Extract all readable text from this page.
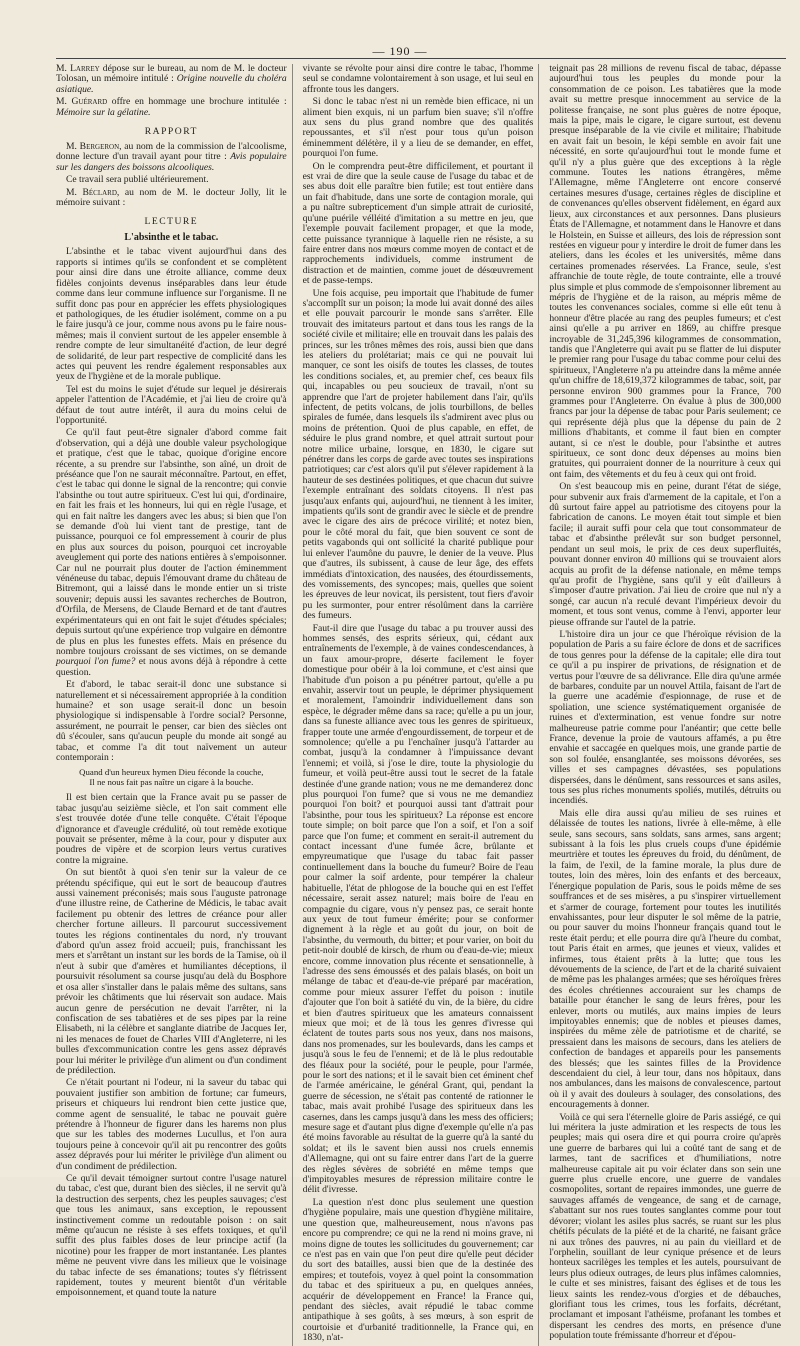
— 190 —

M. Larrey dépose sur le bureau, au nom de M. le docteur Tolosan, un mémoire intitulé : Origine nouvelle du choléra asiatique.

M. Guérard offre en hommage une brochure intitulée : Mémoire sur la gélatine.

RAPPORT

M. Bergeron, au nom de la commission de l'alcoolisme, donne lecture d'un travail ayant pour titre : Avis populaire sur les dangers des boissons alcooliques.

Ce travail sera publié ultérieurement.

M. Béclard, au nom de M. le docteur Jolly, lit le mémoire suivant :

LECTURE
L'absinthe et le tabac.

L'absinthe et le tabac vivent aujourd'hui dans des rapports si intimes qu'ils se confondent et se complètent pour ainsi dire dans une étroite alliance, comme deux fidèles conjoints devenus inséparables dans leur étude comme dans leur commune influence sur l'organisme. Il ne suffit donc pas pour en apprécier les effets physiologiques et pathologiques, de les étudier isolément, comme on a pu le faire jusqu'à ce jour, comme nous avons pu le faire nous-mêmes; mais il convient surtout de les appeler ensemble à rendre compte de leur simultanéité d'action, de leur degré de solidarité, de leur part respective de complicité dans les actes qui peuvent les rendre également responsables aux yeux de l'hygiène et de la morale publique.

Tel est du moins le sujet d'étude sur lequel je désirerais appeler l'attention de l'Académie, et j'ai lieu de croire qu'à défaut de tout autre intérêt, il aura du moins celui de l'opportunité.

Ce qu'il faut peut-être signaler d'abord comme fait d'observation, qui a déjà une double valeur psychologique et pratique, c'est que le tabac, quoique d'origine encore récente, a su prendre sur l'absinthe, son aîné, un droit de préséance que l'on ne saurait méconnaître. Partout, en effet, c'est le tabac qui donne le signal de la rencontre; qui convie l'absinthe ou tout autre spiritueux. C'est lui qui, d'ordinaire, en fait les frais et les honneurs, lui qui en règle l'usage, et qui en fait naître les dangers avec les abus; si bien que l'on se demande d'où lui vient tant de prestige, tant de puissance, pourquoi ce fol empressement à courir de plus en plus aux sources du poison, pourquoi cet incroyable aveuglement qui porte des nations entières à s'empoisonner. Car nul ne pourrait plus douter de l'action éminemment vénéneuse du tabac, depuis l'émouvant drame du château de Bitremont, qui a laissé dans le monde entier un si triste souvenir; depuis aussi les savantes recherches de Boutron, d'Orfila, de Mersens, de Claude Bernard et de tant d'autres expérimentateurs qui en ont fait le sujet d'études spéciales; depuis surtout qu'une expérience trop vulgaire en démontre de plus en plus les funestes effets. Mais en présence du nombre toujours croissant de ses victimes, on se demande pourquoi l'on fume? et nous avons déjà à répondre à cette question.

Et d'abord, le tabac serait-il donc une substance si naturellement et si nécessairement appropriée à la condition humaine? et son usage serait-il donc un besoin physiologique si indispensable à l'ordre social? Personne, assurément, ne pourrait le penser, car bien des siècles ont dû s'écouler, sans qu'aucun peuple du monde ait songé au tabac, et comme l'a dit tout naïvement un auteur contemporain :

Quand d'un heureux hymen Dieu féconde la couche,
Il ne nous fait pas naître un cigare à la bouche.

Il est bien certain que la France avait pu se passer de tabac jusqu'au seizième siècle, et l'on sait comment elle s'est trouvée dotée d'une telle conquête. C'était l'époque d'ignorance et d'aveugle crédulité, où tout remède exotique pouvait se présenter, même à la cour, pour y disputer aux poudres de vipère et de scorpion leurs vertus curatives contre la migraine.

On sut bientôt à quoi s'en tenir sur la valeur de ce prétendu spécifique, qui eut le sort de beaucoup d'autres aussi vainement préconisés; mais sous l'auguste patronage d'une illustre reine, de Catherine de Médicis, le tabac avait facilement pu obtenir des lettres de créance pour aller chercher fortune ailleurs. Il parcourut successivement toutes les régions continentales du nord, n'y trouvant d'abord qu'un assez froid accueil; puis, franchissant les mers et s'arrêtant un instant sur les bords de la Tamise, où il n'eut à subir que d'amères et humiliantes déceptions, il poursuivit résolument sa course jusqu'au delà du Bosphore et osa aller s'installer dans le palais même des sultans, sans prévoir les châtiments que lui réservait son audace. Mais aucun genre de persécution ne devait l'arrêter, ni la confiscation de ses tabatières et de ses pipes par la reine Elisabeth, ni la célèbre et sanglante diatribe de Jacques Ier, ni les menaces de fouet de Charles VIII d'Angleterre, ni les bulles d'excommunication contre les gens assez dépravés pour lui mériter le privilège d'un aliment ou d'un condiment de prédilection.

Ce n'était pourtant ni l'odeur, ni la saveur du tabac qui pouvaient justifier son ambition de fortune; car fumeurs, priseurs et chiqueurs lui rendront bien cette justice que, comme agent de sensualité, le tabac ne pouvait guère prétendre à l'honneur de figurer dans les harems non plus que sur les tables des modernes Lucullus, et l'on aura toujours peine à concevoir qu'il ait pu rencontrer des goûts assez dépravés pour lui mériter le privilège d'un aliment ou d'un condiment de prédilection.

Ce qu'il devait témoigner surtout contre l'usage naturel du tabac, c'est que, durant bien des siècles, il ne servit qu'à la destruction des serpents, chez les peuples sauvages; c'est que tous les animaux, sans exception, le repoussent instinctivement comme un redoutable poison : on sait même qu'aucun ne résiste à ses effets toxiques, et qu'il suffit des plus faibles doses de leur principe actif (la nicotine) pour les frapper de mort instantanée. Les plantes même ne peuvent vivre dans les milieux que le voisinage du tabac infecte de ses émanations; toutes s'y flétrissent rapidement, toutes y meurent bientôt d'un véritable empoisonnement, et quand toute la nature

vivante se révolte pour ainsi dire contre le tabac, l'homme seul se condamne volontairement à son usage, et lui seul en affronte tous les dangers.

Si donc le tabac n'est ni un remède bien efficace, ni un aliment bien exquis, ni un parfum bien suave; s'il n'offre aux sens du plus grand nombre que des qualités repoussantes, et s'il n'est pour tous qu'un poison éminemment délétère, il y a lieu de se demander, en effet, pourquoi l'on fume.

On le comprendra peut-être difficilement, et pourtant il est vrai de dire que la seule cause de l'usage du tabac et de ses abus doit elle paraître bien futile; est tout entière dans un fait d'habitude, dans une sorte de contagion morale, qui a pu naître subrepticement d'un simple attrait de curiosité, qu'une puérile vélléité d'imitation a su mettre en jeu, que l'exemple pouvait facilement propager, et que la mode, cette puissance tyrannique à laquelle rien ne résiste, a su faire entrer dans nos mœurs comme moyen de contact et de rapprochements individuels, comme instrument de distraction et de maintien, comme jouet de désœuvrement et de passe-temps.

Une fois acquise, peu importait que l'habitude de fumer s'accomplît sur un poison; la mode lui avait donné des ailes et elle pouvait parcourir le monde sans s'arrêter. Elle trouvait des imitateurs partout et dans tous les rangs de la société civile et militaire; elle en trouvait dans les palais des princes, sur les trônes mêmes des rois, aussi bien que dans les ateliers du prolétariat; mais ce qui ne pouvait lui manquer, ce sont les oisifs de toutes les classes, de toutes les conditions sociales, et, au premier chef, ces beaux fils qui, incapables ou peu soucieux de travail, n'ont su apprendre que l'art de projeter habilement dans l'air, qu'ils infectent, de petits volcans, de jolis tourbillons, de belles spirales de fumée, dans lesquels ils s'admirent avec plus ou moins de prétention. Quoi de plus capable, en effet, de séduire le plus grand nombre, et quel attrait surtout pour notre milice urbaine, lorsque, en 1830, le cigare sut pénétrer dans les corps de garde avec toutes ses inspirations patriotiques; car c'est alors qu'il put s'élever rapidement à la hauteur de ses destinées politiques, et que chacun dut suivre l'exemple entraînant des soldats citoyens. Il n'est pas jusqu'aux enfants qui, aujourd'hui, ne tiennent à les imiter, impatients qu'ils sont de grandir avec le siècle et de prendre avec le cigare des airs de précoce virilité; et notez bien, pour le côté moral du fait, que bien souvent ce sont de petits vagabonds qui ont sollicité la charité publique pour lui enlever l'aumône du pauvre, le denier de la veuve. Plus que d'autres, ils subissent, à cause de leur âge, des effets immédiats d'intoxication, des nausées, des étourdissements, des vomissements, des syncopes; mais, quelles que soient les épreuves de leur novicat, ils persistent, tout fiers d'avoir pu les surmonter, pour entrer résolûment dans la carrière des fumeurs.

Faut-il dire que l'usage du tabac a pu trouver aussi des hommes sensés, des esprits sérieux, qui, cédant aux entraînements de l'exemple, à de vaines condescendances, à un faux amour-propre, déserte facilement le foyer domestique pour obéir à la loi commune, et c'est ainsi que l'habitude d'un poison a pu pénétrer partout, qu'elle a pu envahir, asservir tout un peuple, le déprimer physiquement et moralement, l'amoindrir individuellement dans son espèce, le dégrader même dans sa race; qu'elle a pu un jour, dans sa funeste alliance avec tous les genres de spiritueux, frapper toute une armée d'engourdissement, de torpeur et de somnolence; qu'elle a pu l'enchaîner jusqu'à l'attarder au combat, jusqu'à la condamner à l'impuissance devant l'ennemi; et voilà, si j'ose le dire, toute la physiologie du fumeur, et voilà peut-être aussi tout le secret de la fatale destinée d'une grande nation; vous ne me demanderez donc plus pourquoi l'on fume? que si vous ne me demandiez pourquoi l'on boit? et pourquoi aussi tant d'attrait pour l'absinthe, pour tous les spiritueux? La réponse est encore toute simple; on boit parce que l'on a soif, et l'on a soif parce que l'on fume; et comment en serait-il autrement du contact incessant d'une fumée âcre, brûlante et empyreumatique que l'usage du tabac fait passer continuellement dans la bouche du fumeur? Boire de l'eau pour calmer la soif ardente, pour tempérer la chaleur habituelle, l'état de phlogose de la bouche qui en est l'effet nécessaire, serait assez naturel; mais boire de l'eau en compagnie du cigare, vous n'y pensez pas, ce serait honte aux yeux de tout fumeur émérite; pour se conformer dignement à la règle et au goût du jour, on boit de l'absinthe, du vermouth, du bitter; et pour varier, on boit du petit-noir doublé de kirsch, de rhum ou d'eau-de-vie; mieux encore, comme innovation plus récente et sensationnelle, à l'adresse des sens émoussés et des palais blasés, on boit un mélange de tabac et d'eau-de-vie préparé par macération, comme pour mieux assurer l'effet du poison : inutile d'ajouter que l'on boit à satiété du vin, de la bière, du cidre et bien d'autres spiritueux que les amateurs connaissent mieux que moi; et de là tous les genres d'ivresse qui éclatent de toutes parts sous nos yeux, dans nos maisons, dans nos promenades, sur les boulevards, dans les camps et jusqu'à sous le feu de l'ennemi; et de là le plus redoutable des fléaux pour la société, pour le peuple, pour l'armée, pour le sort des nations; et il le savait bien cet éminent chef de l'armée américaine, le général Grant, qui, pendant la guerre de sécession, ne s'était pas contenté de rationner le tabac, mais avait prohibé l'usage des spiritueux dans les casernes, dans les camps jusqu'à dans les mess des officiers; mesure sage et d'autant plus digne d'exemple qu'elle n'a pas été moins favorable au résultat de la guerre qu'à la santé du soldat; et ils le savent bien aussi nos cruels ennemis d'Allemagne, qui ont su faire entrer dans l'art de la guerre des règles sévères de sobriété en même temps que d'impitoyables mesures de répression militaire contre le délit d'ivresse.

La question n'est donc plus seulement une question d'hygiène populaire, mais une question d'hygiène militaire, une question que, malheureusement, nous n'avons pas encore pu comprendre; ce qui ne la rend ni moins grave, ni moins digne de toutes les sollicitudes du gouvernement; car ce n'est pas en vain que l'on peut dire qu'elle peut décider du sort des batailles, aussi bien que de la destinée des empires; et toutefois, voyez à quel point la consommation du tabac et des spiritueux a pu, en quelques années, acquérir de développement en France! la France qui, pendant des siècles, avait répudié le tabac comme antipathique à ses goûts, à ses mœurs, à son esprit de courtoisie et d'urbanité traditionnelle, la France qui, en 1830, n'at-

teignait pas 28 millions de revenu fiscal de tabac, dépasse aujourd'hui tous les peuples du monde pour la consommation de ce poison. Les tabatières que la mode avait su mettre presque innocemment au service de la politesse française, ne sont plus guères de notre époque, mais la pipe, mais le cigare, le cigare surtout, est devenu presque inséparable de la vie civile et militaire; l'habitude en avait fait un besoin, le képi semble en avoir fait une nécessité, en sorte qu'aujourd'hui tout le monde fume et qu'il n'y a plus guère que des exceptions à la règle commune. Toutes les nations étrangères, même l'Allemagne, même l'Angleterre ont encore conservé certaines mesures d'usage, certaines règles de discipline et de convenances qu'elles observent fidèlement, en égard aux lieux, aux circonstances et aux personnes. Dans plusieurs États de l'Allemagne, et notamment dans le Hanovre et dans le Holstein, en Suisse et ailleurs, des lois de répression sont restées en vigueur pour y interdire le droit de fumer dans les ateliers, dans les écoles et les universités, même dans certaines promenades réservées. La France, seule, s'est affranchie de toute règle, de toute contrainte, elle a trouvé plus simple et plus commode de s'empoisonner librement au mépris de l'hygiène et de la raison, au mépris même de toutes les convenances sociales, comme si elle eût tenu à honneur d'être placée au rang des peuples fumeurs; et c'est ainsi qu'elle a pu arriver en 1869, au chiffre presque incroyable de 31,245,396 kilogrammes de consommation, tandis que l'Angleterre qui avait pu se flatter de lui disputer le premier rang pour l'usage du tabac comme pour celui des spiritueux, l'Angleterre n'a pu atteindre dans la même année qu'un chiffre de 18,619,372 kilogrammes de tabac, soit, par personne environ 900 grammes pour la France, 700 grammes pour l'Angleterre. On évalue à plus de 300,000 francs par jour la dépense de tabac pour Paris seulement; ce qui représente déjà plus que la dépense du pain de 2 millions d'habitants, et comme il faut bien en compter autant, si ce n'est le double, pour l'absinthe et autres spiritueux, ce sont donc deux dépenses au moins bien gratuites, qui pourraient donner de la nourriture à ceux qui ont faim, des vêtements et du feu à ceux qui ont froid.

On s'est beaucoup mis en peine, durant l'état de siége, pour subvenir aux frais d'armement de la capitale, et l'on a dû surtout faire appel au patriotisme des citoyens pour la fabrication de canons. Le moyen était tout simple et bien facile; il aurait suffi pour cela que tout consommateur de tabac et d'absinthe prélevât sur son budget personnel, pendant un seul mois, le prix de ces deux superfluités, pouvant donner environ 40 millions qui se trouvaient alors acquis au profit de la défense nationale, en même temps qu'au profit de l'hygiène, sans qu'il y eût d'ailleurs à s'imposer d'autre privation. J'ai lieu de croire que nul n'y a songé, car aucun n'a reculé devant l'impérieux devoir du moment, et tous sont venus, comme à l'envi, apporter leur pieuse offrande sur l'autel de la patrie.

L'histoire dira un jour ce que l'héroïque révision de la population de Paris a su faire éclore de dons et de sacrifices de tous genres pour la défense de la capitale; elle dira tout ce qu'il a pu inspirer de privations, de résignation et de vertus pour l'œuvre de sa délivrance. Elle dira qu'une armée de barbares, conduite par un nouvel Attila, faisant de l'art de la guerre une académie d'espionnage, de ruse et de spoliation, une science systématiquement organisée de ruines et d'extermination, est venue fondre sur notre malheureuse patrie comme pour l'anéantir; que cette belle France, devenue la proie de vautours affamés, a pu être envahie et saccagée en quelques mois, une grande partie de son sol foulée, ensanglantée, ses moissons dévorées, ses villes et ses campagnes dévastées, ses populations dispersées, dans le dénûment, sans ressources et sans asiles, tous ses plus riches monuments spoliés, mutilés, détruits ou incendiés.

Mais elle dira aussi qu'au milieu de ses ruines et délaissée de toutes les nations, livrée à elle-même, à elle seule, sans secours, sans soldats, sans armes, sans argent; subissant à la fois les plus cruels coups d'une épidémie meurtrière et toutes les épreuves du froid, du dénûment, de la faim, de l'exil, de la famine morale, la plus dure de toutes, loin des mères, loin des enfants et des berceaux, l'énergique population de Paris, sous le poids même de ses souffrances et de ses misères, a pu s'inspirer virtuellement et s'armer de courage, fortement pour toutes les inutilités envahissantes, pour leur disputer le sol même de la patrie, ou pour sauver du moins l'honneur français quand tout le reste était perdu; et elle pourra dire qu'à l'heure du combat, tout Paris était en armes, que jeunes et vieux, valides et infirmes, tous étaient prêts à la lutte; que tous les dévouements de la science, de l'art et de la charité suivaient de même pas les phalanges armées; que ses héroïques frères des écoles chrétiennes accouraient sur les champs de bataille pour étancher le sang de leurs frères, pour les enlever, morts ou mutilés, aux mains impies de leurs impitoyables ennemis; que de nobles et pieuses dames, inspirées du même zèle de patriotisme et de charité, se pressaient dans les maisons de secours, dans les ateliers de confection de bandages et appareils pour les pansements des blessés; que les saintes filles de la Providence descendaient du ciel, à leur tour, dans nos hôpitaux, dans nos ambulances, dans les maisons de convalescence, partout où il y avait des douleurs à soulager, des consolations, des encouragements à donner.

Voilà ce qui sera l'éternelle gloire de Paris assiégé, ce qui lui méritera la juste admiration et les respects de tous les peuples; mais qui osera dire et qui pourra croire qu'après une guerre de barbares qui lui a coûté tant de sang et de larmes, tant de sacrifices et d'humiliations, notre malheureuse capitale ait pu voir éclater dans son sein une guerre plus cruelle encore, une guerre de vandales cosmopolites, sortant de repaires immondes, une guerre de sauvages affamés de vengeance, de sang et de carnage, s'abattant sur nos rues toutes sanglantes comme pour tout dévorer; violant les asiles plus sacrés, se ruant sur les plus chétifs péculats de la piété et de la charité, ne faisant grâce ni aux trônes des pauvres, ni au pain du vieillard et de l'orphelin, souillant de leur cynique présence et de leurs honteux sacrilèges les temples et les autels, poursuivant de leurs plus odieux outrages, de leurs plus infâmes calomnies, le culte et ses ministres, faisant des églises et de tous les lieux saints les rendez-vous d'orgies et de débauches, glorifiant tous les crimes, tous les forfaits, décrétant, proclamant et imposant l'athéisme, profanant les tombes et dispersant les cendres des morts, en présence d'une population toute frémissante d'horreur et d'épou-
